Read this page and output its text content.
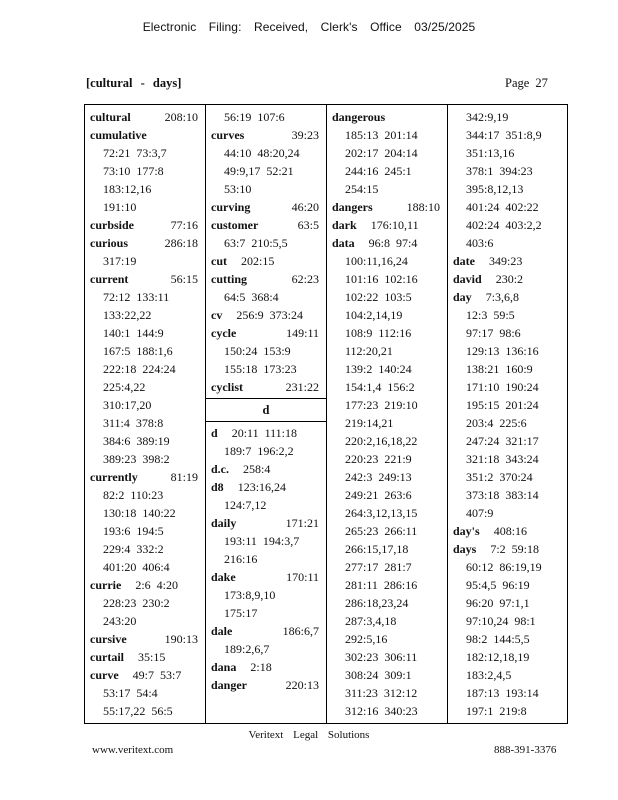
Electronic Filing: Received, Clerk's Office 03/25/2025
[cultural - days]	Page 27
cultural	208:10
cumulative
72:21  73:3,7
73:10  177:8
183:12,16
191:10
curbside	77:16
curious	286:18
317:19
current	56:15
72:12  133:11
133:22,22
140:1  144:9
167:5  188:1,6
222:18  224:24
225:4,22
310:17,20
311:4  378:8
384:6  389:19
389:23  398:2
currently	81:19
82:2  110:23
130:18  140:22
193:6  194:5
229:4  332:2
401:20  406:4
currie 2:6  4:20
228:23  230:2
243:20
cursive	190:13
curtail 35:15
curve 49:7  53:7
53:17  54:4
55:17,22  56:5
56:19  107:6
curves	39:23
44:10  48:20,24
49:9,17  52:21
53:10
curving	46:20
customer	63:5
63:7  210:5,5
cut 202:15
cutting	62:23
64:5  368:4
cv 256:9  373:24
cycle	149:11
150:24  153:9
155:18  173:23
cyclist	231:22
d
d 20:11  111:18
189:7  196:2,2
d.c. 258:4
d8 123:16,24
124:7,12
daily	171:21
193:11  194:3,7
216:16
dake	170:11
173:8,9,10
175:17
dale	186:6,7
189:2,6,7
dana 2:18
danger	220:13
dangerous
185:13  201:14
202:17  204:14
244:16  245:1
254:15
dangers	188:10
dark 176:10,11
data 96:8  97:4
100:11,16,24
101:16  102:16
102:22  103:5
104:2,14,19
108:9  112:16
112:20,21
139:2  140:24
154:1,4  156:2
177:23  219:10
219:14,21
220:2,16,18,22
220:23  221:9
242:3  249:13
249:21  263:6
264:3,12,13,15
265:23  266:11
266:15,17,18
277:17  281:7
281:11  286:16
286:18,23,24
287:3,4,18
292:5,16
302:23  306:11
308:24  309:1
311:23  312:12
312:16  340:23
342:9,19
344:17  351:8,9
351:13,16
378:1  394:23
395:8,12,13
401:24  402:22
402:24  403:2,2
403:6
date 349:23
david 230:2
day 7:3,6,8
12:3  59:5
97:17  98:6
129:13  136:16
138:21  160:9
171:10  190:24
195:15  201:24
203:4  225:6
247:24  321:17
321:18  343:24
351:2  370:24
373:18  383:14
407:9
day's 408:16
days 7:2  59:18
60:12  86:19,19
95:4,5  96:19
96:20  97:1,1
97:10,24  98:1
98:2  144:5,5
182:12,18,19
183:2,4,5
187:13  193:14
197:1  219:8
Veritext Legal Solutions
www.veritext.com	888-391-3376
